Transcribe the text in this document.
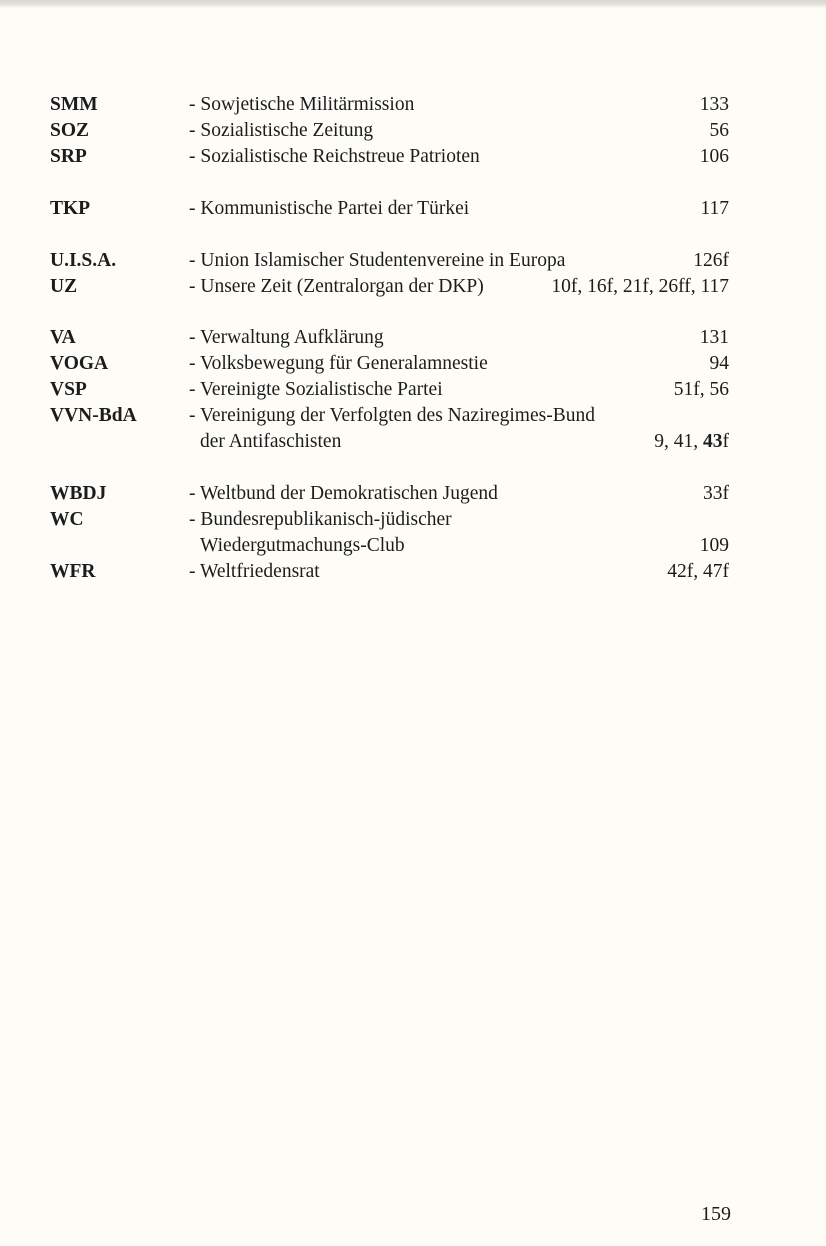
SMM	- Sowjetische Militärmission	133
SOZ	- Sozialistische Zeitung	56
SRP	- Sozialistische Reichstreue Patrioten	106
TKP	- Kommunistische Partei der Türkei	117
U.I.S.A.	- Union Islamischer Studentenvereine in Europa	126f
UZ	- Unsere Zeit (Zentralorgan der DKP)	10f, 16f, 21f, 26ff, 117
VA	- Verwaltung Aufklärung	131
VOGA	- Volksbewegung für Generalamnestie	94
VSP	- Vereinigte Sozialistische Partei	51f, 56
VVN-BdA	- Vereinigung der Verfolgten des Naziregimes-Bund
der Antifaschisten	9, 41, 43f
WBDJ	- Weltbund der Demokratischen Jugend	33f
WC	- Bundesrepublikanisch-jüdischer
Wiedergutmachungs-Club	109
WFR	- Weltfriedensrat	42f, 47f
159
